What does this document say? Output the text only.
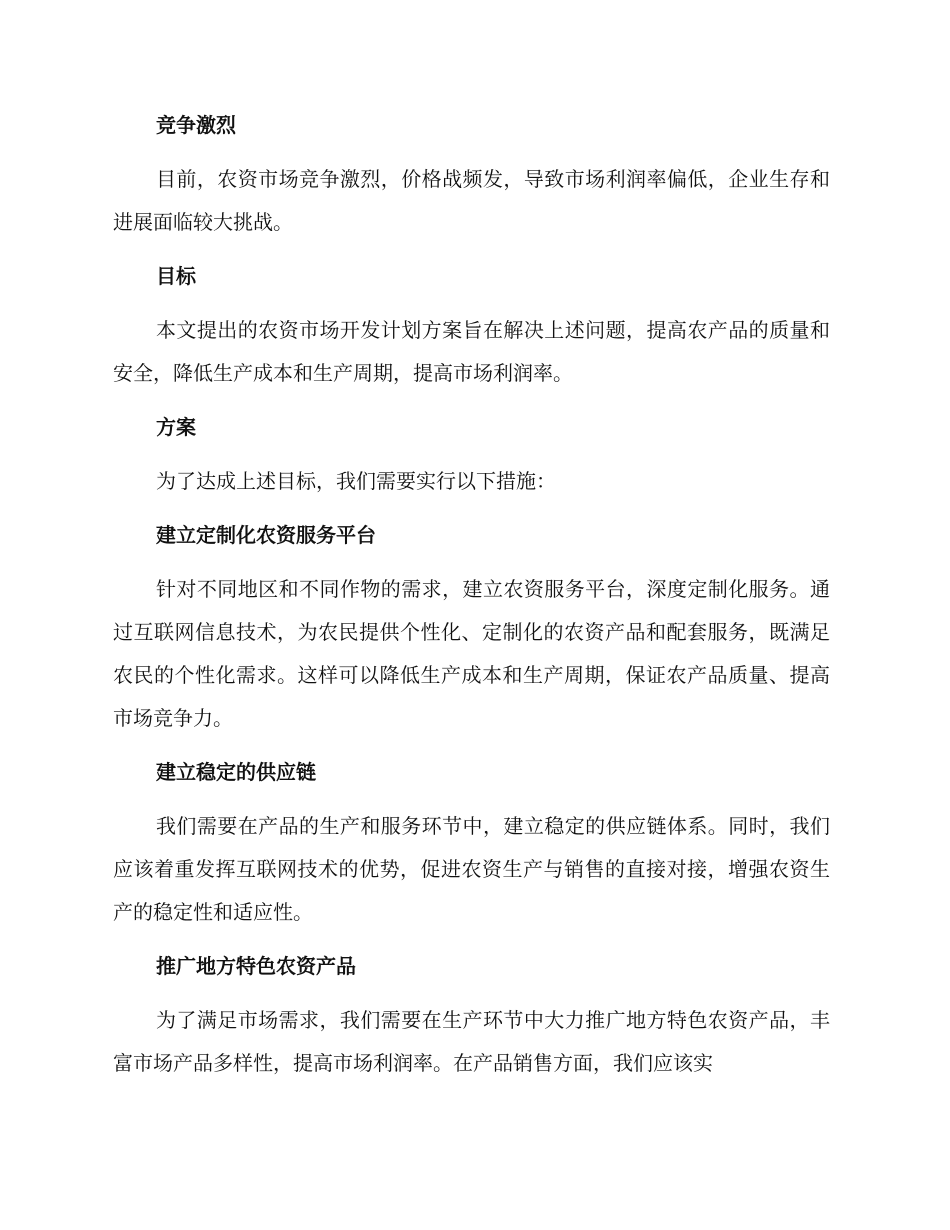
竞争激烈

目前，农资市场竞争激烈，价格战频发，导致市场利润率偏低，企业生存和进展面临较大挑战。

目标

本文提出的农资市场开发计划方案旨在解决上述问题，提高农产品的质量和安全，降低生产成本和生产周期，提高市场利润率。

方案

为了达成上述目标，我们需要实行以下措施：

建立定制化农资服务平台

针对不同地区和不同作物的需求，建立农资服务平台，深度定制化服务。通过互联网信息技术，为农民提供个性化、定制化的农资产品和配套服务，既满足农民的个性化需求。这样可以降低生产成本和生产周期，保证农产品质量、提高市场竞争力。

建立稳定的供应链

我们需要在产品的生产和服务环节中，建立稳定的供应链体系。同时，我们应该着重发挥互联网技术的优势，促进农资生产与销售的直接对接，增强农资生产的稳定性和适应性。

推广地方特色农资产品

为了满足市场需求，我们需要在生产环节中大力推广地方特色农资产品，丰富市场产品多样性，提高市场利润率。在产品销售方面，我们应该实
